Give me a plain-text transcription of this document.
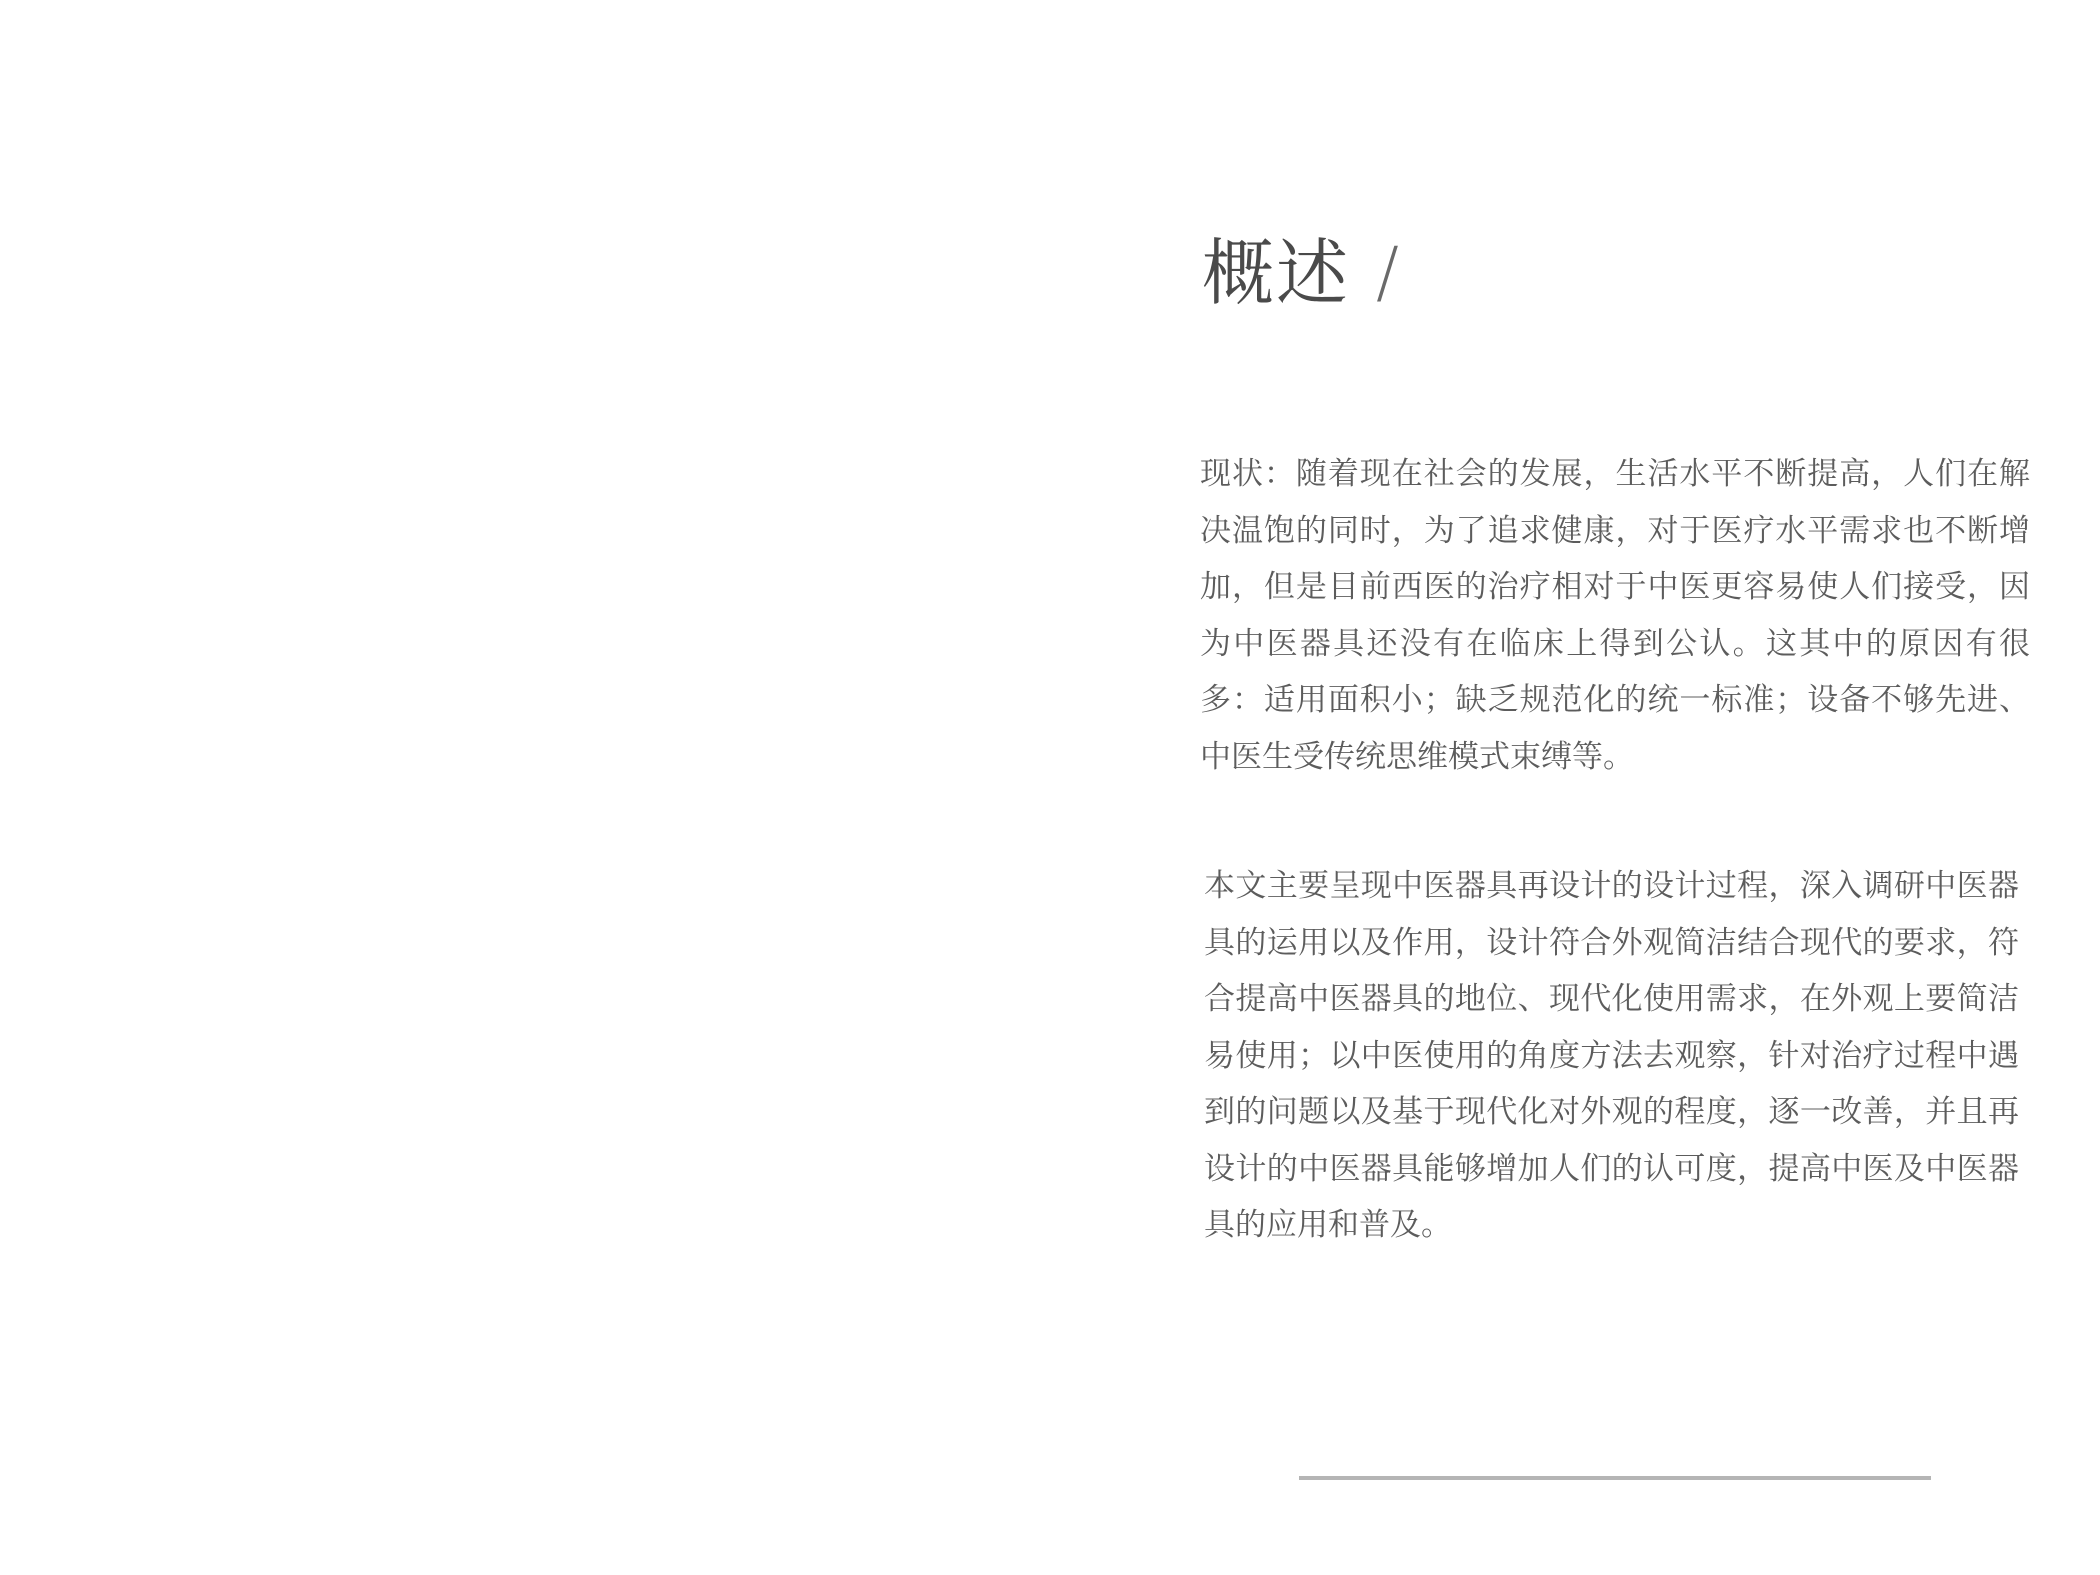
概述 /
现状：随着现在社会的发展，生活水平不断提高，人们在解决温饱的同时，为了追求健康，对于医疗水平需求也不断增加，但是目前西医的治疗相对于中医更容易使人们接受，因为中医器具还没有在临床上得到公认。这其中的原因有很多：适用面积小；缺乏规范化的统一标准；设备不够先进、中医生受传统思维模式束缚等。
本文主要呈现中医器具再设计的设计过程，深入调研中医器具的运用以及作用，设计符合外观简洁结合现代的要求，符合提高中医器具的地位、现代化使用需求，在外观上要简洁易使用；以中医使用的角度方法去观察，针对治疗过程中遇到的问题以及基于现代化对外观的程度，逐一改善，并且再设计的中医器具能够增加人们的认可度，提高中医及中医器具的应用和普及。
